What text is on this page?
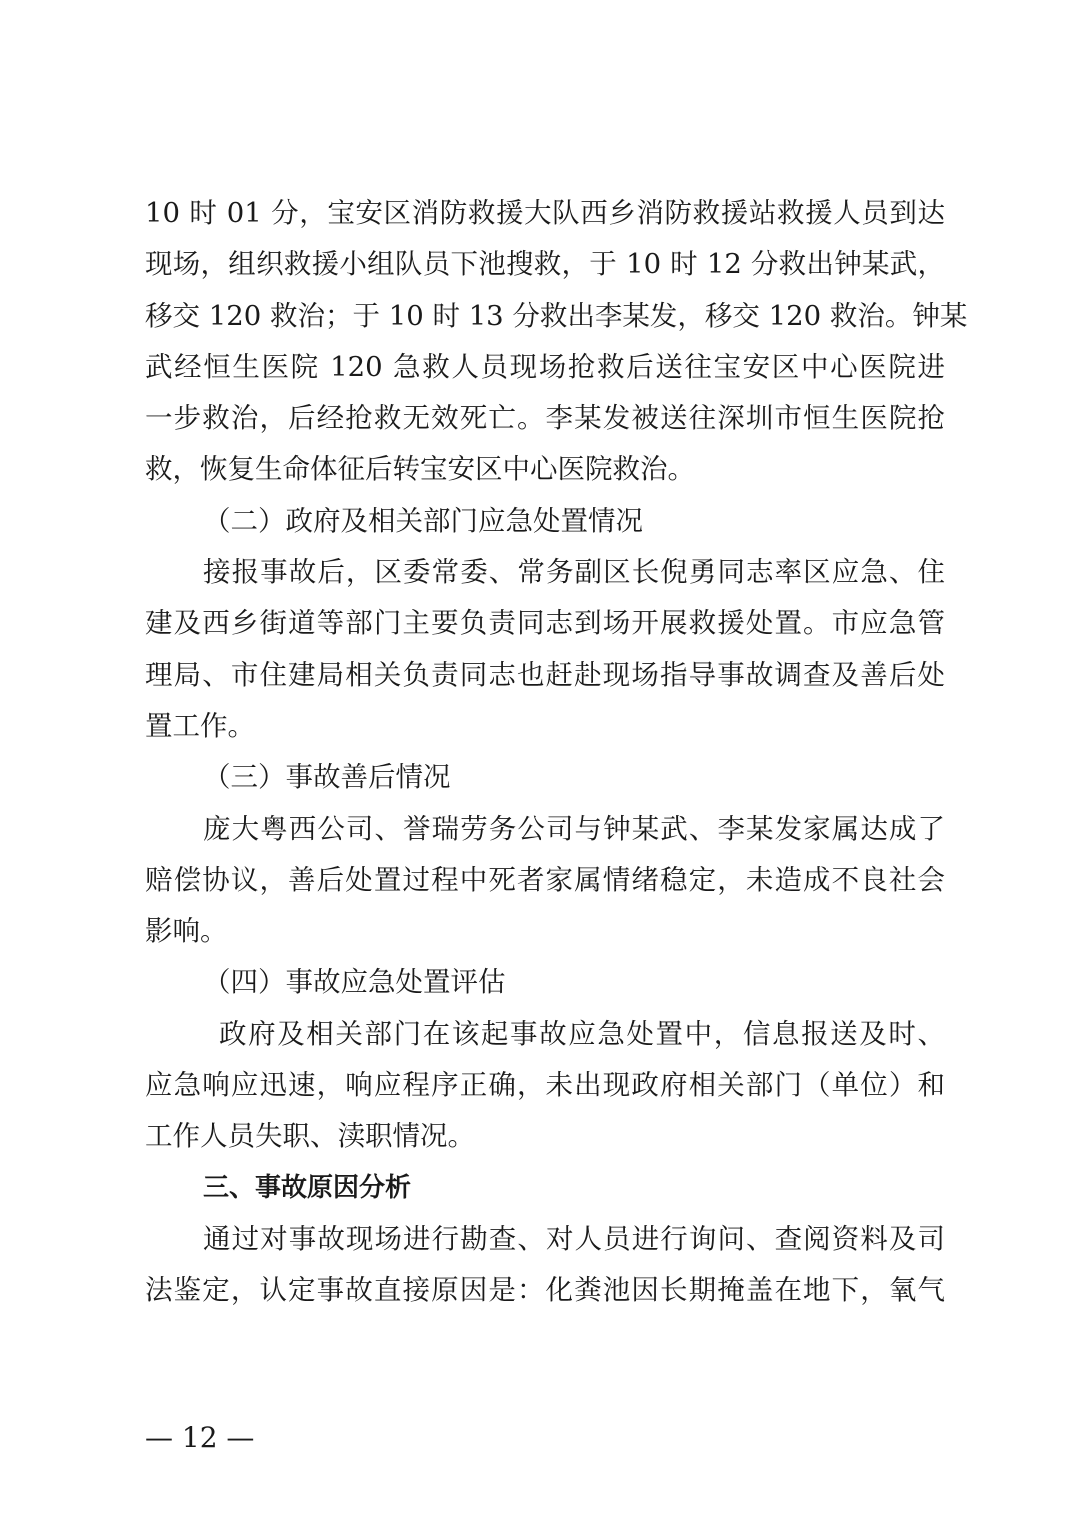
10 时 01 分，宝安区消防救援大队西乡消防救援站救援人员到达
现场，组织救援小组队员下池搜救，于 10 时 12 分救出钟某武，
移交 120 救治；于 10 时 13 分救出李某发，移交 120 救治。钟某
武经恒生医院 120 急救人员现场抢救后送往宝安区中心医院进
一步救治，后经抢救无效死亡。李某发被送往深圳市恒生医院抢
救，恢复生命体征后转宝安区中心医院救治。
（二）政府及相关部门应急处置情况
接报事故后，区委常委、常务副区长倪勇同志率区应急、住
建及西乡街道等部门主要负责同志到场开展救援处置。市应急管
理局、市住建局相关负责同志也赶赴现场指导事故调查及善后处
置工作。
（三）事故善后情况
庞大粤西公司、誉瑞劳务公司与钟某武、李某发家属达成了
赔偿协议，善后处置过程中死者家属情绪稳定，未造成不良社会
影响。
（四）事故应急处置评估
政府及相关部门在该起事故应急处置中，信息报送及时、
应急响应迅速，响应程序正确，未出现政府相关部门（单位）和
工作人员失职、渎职情况。
三、事故原因分析
通过对事故现场进行勘查、对人员进行询问、查阅资料及司
法鉴定，认定事故直接原因是：化粪池因长期掩盖在地下，氧气
— 12 —
